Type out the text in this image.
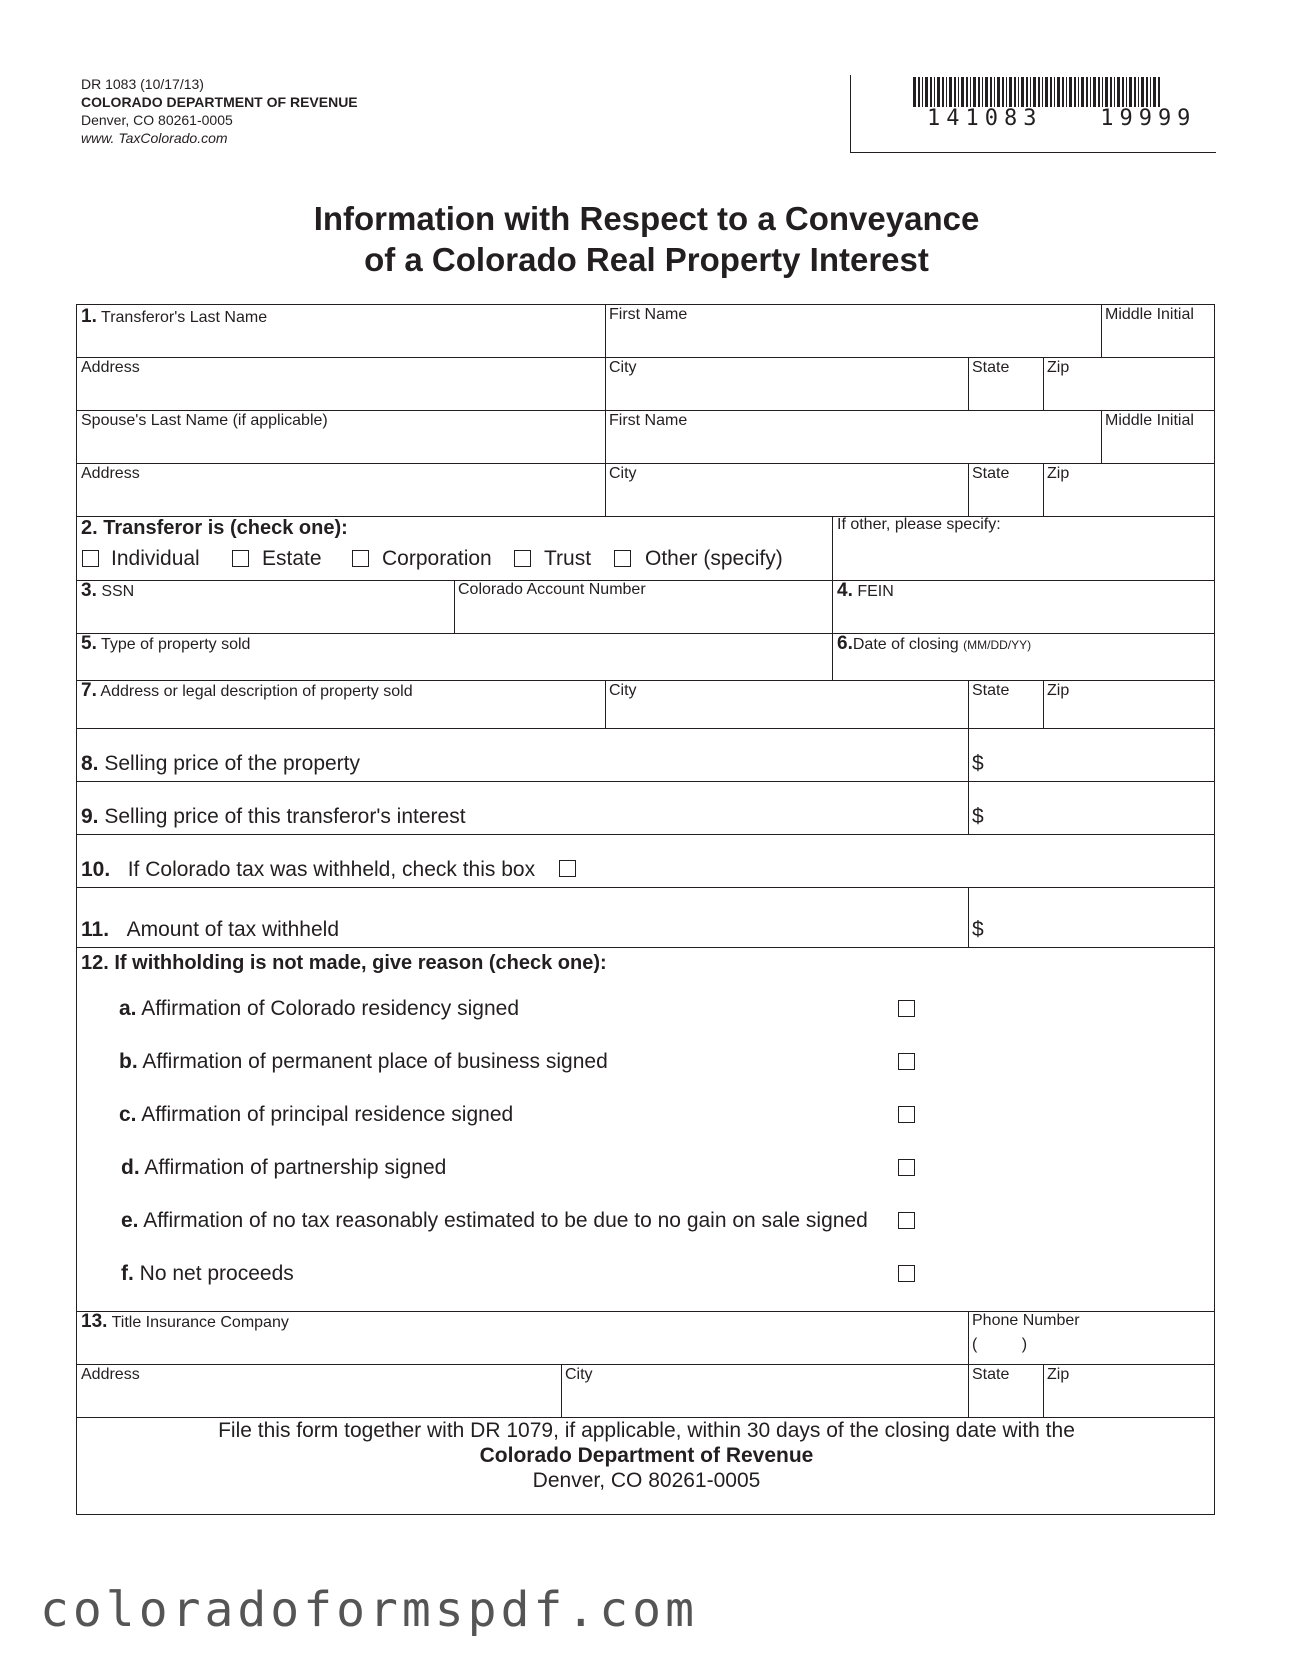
DR 1083 (10/17/13)
COLORADO DEPARTMENT OF REVENUE
Denver, CO 80261-0005
www. TaxColorado.com
141083   19999
Information with Respect to a Conveyance
of a Colorado Real Property Interest
1. Transferor's Last Name	First Name	Middle Initial
Address	City	State Zip
Spouse's Last Name (if applicable)	First Name	Middle Initial
Address	City	State Zip
2. Transferor is (check one):	If other, please specify:
Individual	Estate	Corporation Trust	Other (specify)
3. SSN	Colorado Account Number	4. FEIN
5. Type of property sold	6.Date of closing (MM/DD/YY)
7. Address or legal description of property sold	City	State Zip
8. Selling price of the property	$
9. Selling price of this transferor's interest	$
10. If Colorado tax was withheld, check this box
11. Amount of tax withheld	$
12. If withholding is not made, give reason (check one):
a. Affirmation of Colorado residency signed
b. Affirmation of permanent place of business signed
c. Affirmation of principal residence signed
d. Affirmation of partnership signed
e. Affirmation of no tax reasonably estimated to be due to no gain on sale signed
f. No net proceeds
13. Title Insurance Company	Phone Number
(          )
Address	City	State Zip
File this form together with DR 1079, if applicable, within 30 days of the closing date with the
Colorado Department of Revenue
Denver, CO 80261-0005
coloradoformspdf.com
